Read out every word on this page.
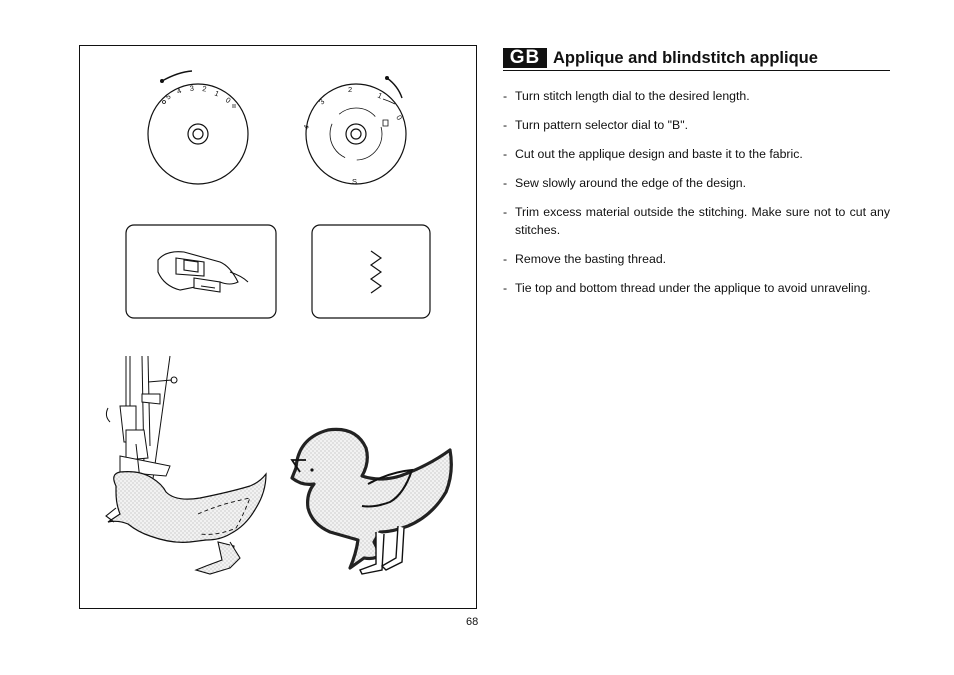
5
4 3 2 1
0
4
3
2
1
0
S
68
GB Applique and blindstitch applique
- Turn stitch length dial to the desired length.
- Turn pattern selector dial to "B".
- Cut out the applique design and baste it to the fabric.
- Sew slowly around the edge of the design.
- Trim excess material outside the stitching. Make sure not to cut any stitches.
- Remove the basting thread.
- Tie top and bottom thread under the applique to avoid unraveling.
